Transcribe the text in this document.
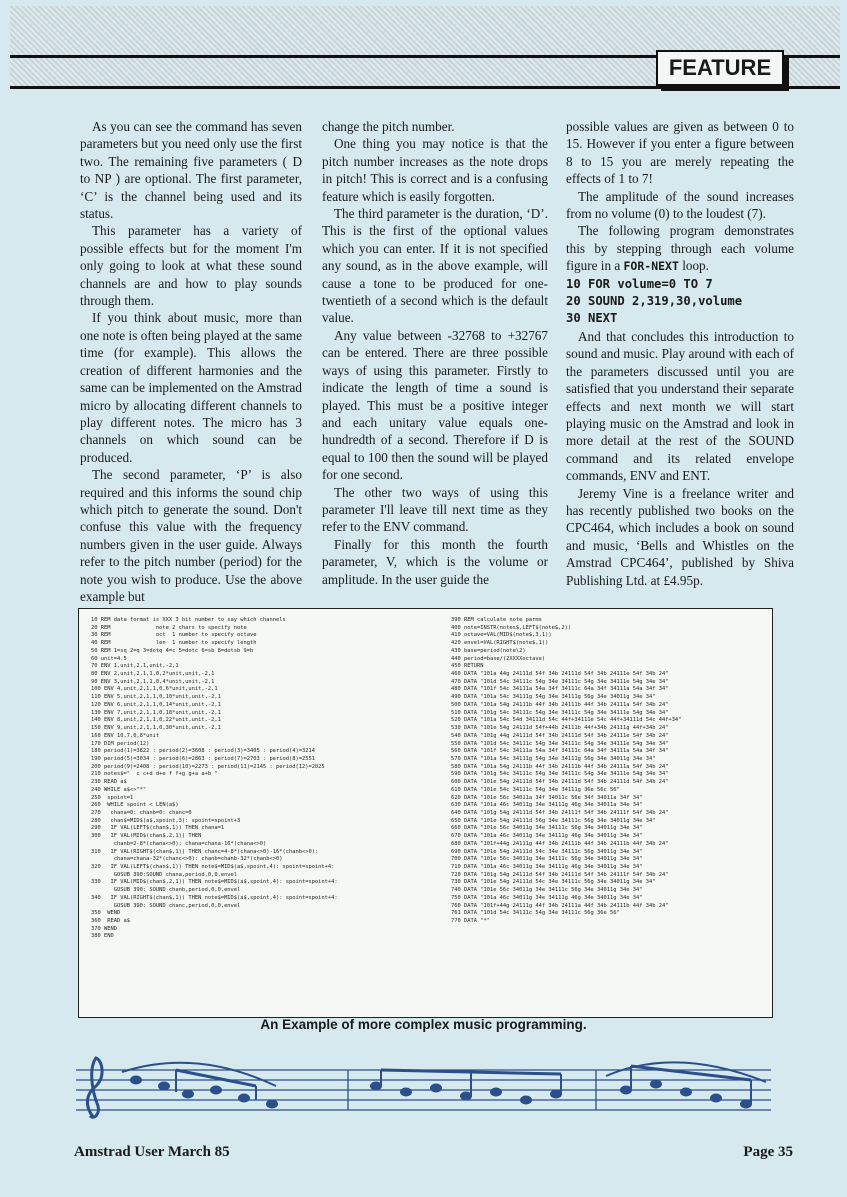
FEATURE

As you can see the command has seven parameters but you need only use the first two. The remaining five parameters ( D to NP ) are optional. The first parameter, ‘C’ is the channel being used and its status.

This parameter has a variety of possible effects but for the moment I'm only going to look at what these sound channels are and how to play sounds through them.

If you think about music, more than one note is often being played at the same time (for example). This allows the creation of different harmonies and the same can be implemented on the Amstrad micro by allocating different channels to play different notes. The micro has 3 channels on which sound can be produced.

The second parameter, ‘P’ is also required and this informs the sound chip which pitch to generate the sound. Don't confuse this value with the frequency numbers given in the user guide. Always refer to the pitch number (period) for the note you wish to produce. Use the above example but

change the pitch number.

One thing you may notice is that the pitch number increases as the note drops in pitch! This is correct and is a confusing feature which is easily forgotten.

The third parameter is the duration, ‘D’. This is the first of the optional values which you can enter. If it is not specified any sound, as in the above example, will cause a tone to be produced for one-twentieth of a second which is the default value.

Any value between -32768 to +32767 can be entered. There are three possible ways of using this parameter. Firstly to indicate the length of time a sound is played. This must be a positive integer and each unitary value equals one-hundredth of a second. Therefore if D is equal to 100 then the sound will be played for one second.

The other two ways of using this parameter I'll leave till next time as they refer to the ENV command.

Finally for this month the fourth parameter, V, which is the volume or amplitude. In the user guide the

possible values are given as between 0 to 15. However if you enter a figure between 8 to 15 you are merely repeating the effects of 1 to 7!

The amplitude of the sound increases from no volume (0) to the loudest (7).

The following program demonstrates this by stepping through each volume figure in a FOR-NEXT loop.

10 FOR volume=0 TO 7
20 SOUND 2,319,30,volume
30 NEXT

And that concludes this introduction to sound and music. Play around with each of the parameters discussed until you are satisfied that you understand their separate effects and next month we will start playing music on the Amstrad and look in more detail at the rest of the SOUND command and its related envelope commands, ENV and ENT.

Jeremy Vine is a freelance writer and has recently published two books on the CPC464, which includes a book on sound and music, ‘Bells and Whistles on the Amstrad CPC464’, published by Shiva Publishing Ltd. at £4.95p.

10 REM data format is XXX 3 bit number to say which channels
20 REM              note 2 chars to specify note
30 REM              oct  1 number to specify octave
40 REM              len  1 number to specify length
50 REM 1=sq 2=q 3=dotq 4=c 5=dotc 6=sb 8=dotsb 9=b
60 unit=4.5
70 ENV 1,unit,2,1,unit,-2,1
80 ENV 2,unit,2,1,1,0,2*unit,unit,-2,1
90 ENV 3,unit,2,1,1,0,4*unit,unit,-2,1
100 ENV 4,unit,2,1,1,0,6*unit,unit,-2,1
110 ENV 5,unit,2,1,1,0,10*unit,unit,-2,1
120 ENV 6,unit,2,1,1,0,14*unit,unit,-2,1
130 ENV 7,unit,2,1,1,0,18*unit,unit,-2,1
140 ENV 8,unit,2,1,1,0,22*unit,unit,-2,1
150 ENV 9,unit,2,1,1,0,30*unit,unit,-2,1
160 ENV 10,7,0,8*unit
170 DIM period(12)
180 period(1)=3822 : period(2)=3608 : period(3)=3405 : period(4)=3214
190 period(5)=3034 : period(6)=2863 : period(7)=2703 : period(8)=2551
200 period(9)=2408 : period(10)=2273 : period(11)=2145 : period(12)=2025
210 notes$="  c c+d d+e f f+g g+a a+b "
230 READ a$
240 WHILE a$<>"*"
250  spoint=1
260  WHILE spoint < LEN(a$)
270   chana=0: chanb=0: chanc=0
280   chan$=MID$(a$,spoint,3): spoint=spoint+3
290   IF VAL(LEFT$(chan$,1)) THEN chana=1
300   IF VAL(MID$(chan$,2,1)) THEN
chanb=2-8*(chana<>0): chana=chana-16*(chana<>0)
310   IF VAL(RIGHT$(chan$,1)) THEN chanc=4-8*(chana<>0)-16*(chanb<>0):
chana=chana-32*(chanc<>0): chanb=chanb-32*(chanb<>0)
320   IF VAL(LEFT$(chan$,1)) THEN note$=MID$(a$,spoint,4): spoint=spoint+4:
GOSUB 390:SOUND chana,period,0,0,envel
330   IF VAL(MID$(chan$,2,1)) THEN note$=MID$(a$,spoint,4): spoint=spoint+4:
GOSUB 390: SOUND chanb,period,0,0,envel
340   IF VAL(RIGHT$(chan$,1)) THEN note$=MID$(a$,spoint,4): spoint=spoint+4:
GOSUB 390: SOUND chanc,period,0,0,envel
350  WEND
360  READ a$
370 WEND
380 END
390 REM calculate note parms
400 note=INSTR(notes$,LEFT$(note$,2))
410 octave=VAL(MID$(note$,3,1))
420 envel=VAL(RIGHT$(note$,1))
430 base=period(note\2)
440 period=base/(2XXXXoctave)
450 RETURN
460 DATA "101a 44g 24111d 54f 34b 24111d 54f 34b 24111e 54f 34b 24"
470 DATA "101d 54c 34111c 54g 34e 34111c 54g 34e 34111e 54g 34e 34"
480 DATA "101f 54c 34111a 54a 34f 34111c 64a 34f 34111a 54a 34f 34"
490 DATA "101a 54c 34111g 54g 34e 34111g 56g 34e 34011g 34e 34"
500 DATA "101a 54g 24111b 44f 34b 24111b 44f 34b 24111a 54f 34b 24"
510 DATA "101g 54c 34111c 54g 34e 34111c 54g 34e 34111e 54g 34e 34"
520 DATA "101a 54c 54d 34111d 54c 44f+34111e 54c 44f+34111d 54c 44f+34"
530 DATA "101e 54g 24111d 54f+44b 24111b 44f+34b 24111g 44f+34b 24"
540 DATA "101g 44g 24111d 54f 34b 24111d 54f 34b 24111e 54f 34b 24"
550 DATA "101d 54c 34111c 54g 34e 34111c 54g 34e 34111e 54g 34e 34"
560 DATA "101f 54c 34111a 54a 34f 34111c 64a 34f 34111a 54a 34f 34"
570 DATA "101a 54c 34111g 54g 34e 34111g 56g 34e 34011g 34e 34"
580 DATA "101a 54g 24111b 44f 34b 24111b 44f 34b 24111a 54f 34b 24"
590 DATA "101g 54c 34111c 54g 34e 34111c 54g 34e 34111e 54g 34e 34"
600 DATA "101e 54g 24111d 54f 34b 24111d 54f 34b 24111d 54f 34b 24"
610 DATA "101e 54c 34111c 54g 34e 34111g 36e 56c 56"
620 DATA "101e 56c 34011a 34f 34011c 56e 34f 34011a 34f 34"
630 DATA "101a 46c 34011g 34e 34111g 46g 34e 34011a 34e 34"
640 DATA "101g 54g 24111d 54f 34b 24111f 54f 34b 24111f 54f 34b 24"
650 DATA "101e 54g 24111d 56g 34e 34111c 56g 34e 34011g 34e 34"
660 DATA "101e 56c 34011g 34e 34111c 56g 34e 34011g 34e 34"
670 DATA "101a 46c 34011g 34e 34111g 46g 34e 34011g 34e 34"
680 DATA "101f+44g 24111g 44f 34b 24111b 44f 34b 24111b 44f 34b 24"
690 DATA "101e 54g 24111d 54c 34e 34111c 56g 34011g 34e 34"
700 DATA "101e 56c 34011g 34e 34111c 56g 34e 34011g 34e 34"
710 DATA "101a 46c 34011g 34e 34111g 46g 34e 34011g 34e 34"
720 DATA "101g 54g 24111d 54f 34b 24111d 54f 34b 24111f 54f 34b 24"
730 DATA "101e 54g 24111d 54c 34e 34111c 56g 34e 34011g 34e 34"
740 DATA "101e 56c 34011g 34e 34111c 56g 34e 34011g 34e 34"
750 DATA "101a 46c 34011g 34e 34111g 46g 34e 34011g 34e 34"
760 DATA "101f+44g 24111g 44f 34b 24111a 44f 34b 24111b 44f 34b 24"
761 DATA "101d 54c 34111c 54g 34e 34111c 56g 36e 56"
770 DATA "*"
An Example of more complex music programming.
Amstrad User March 85	Page 35
